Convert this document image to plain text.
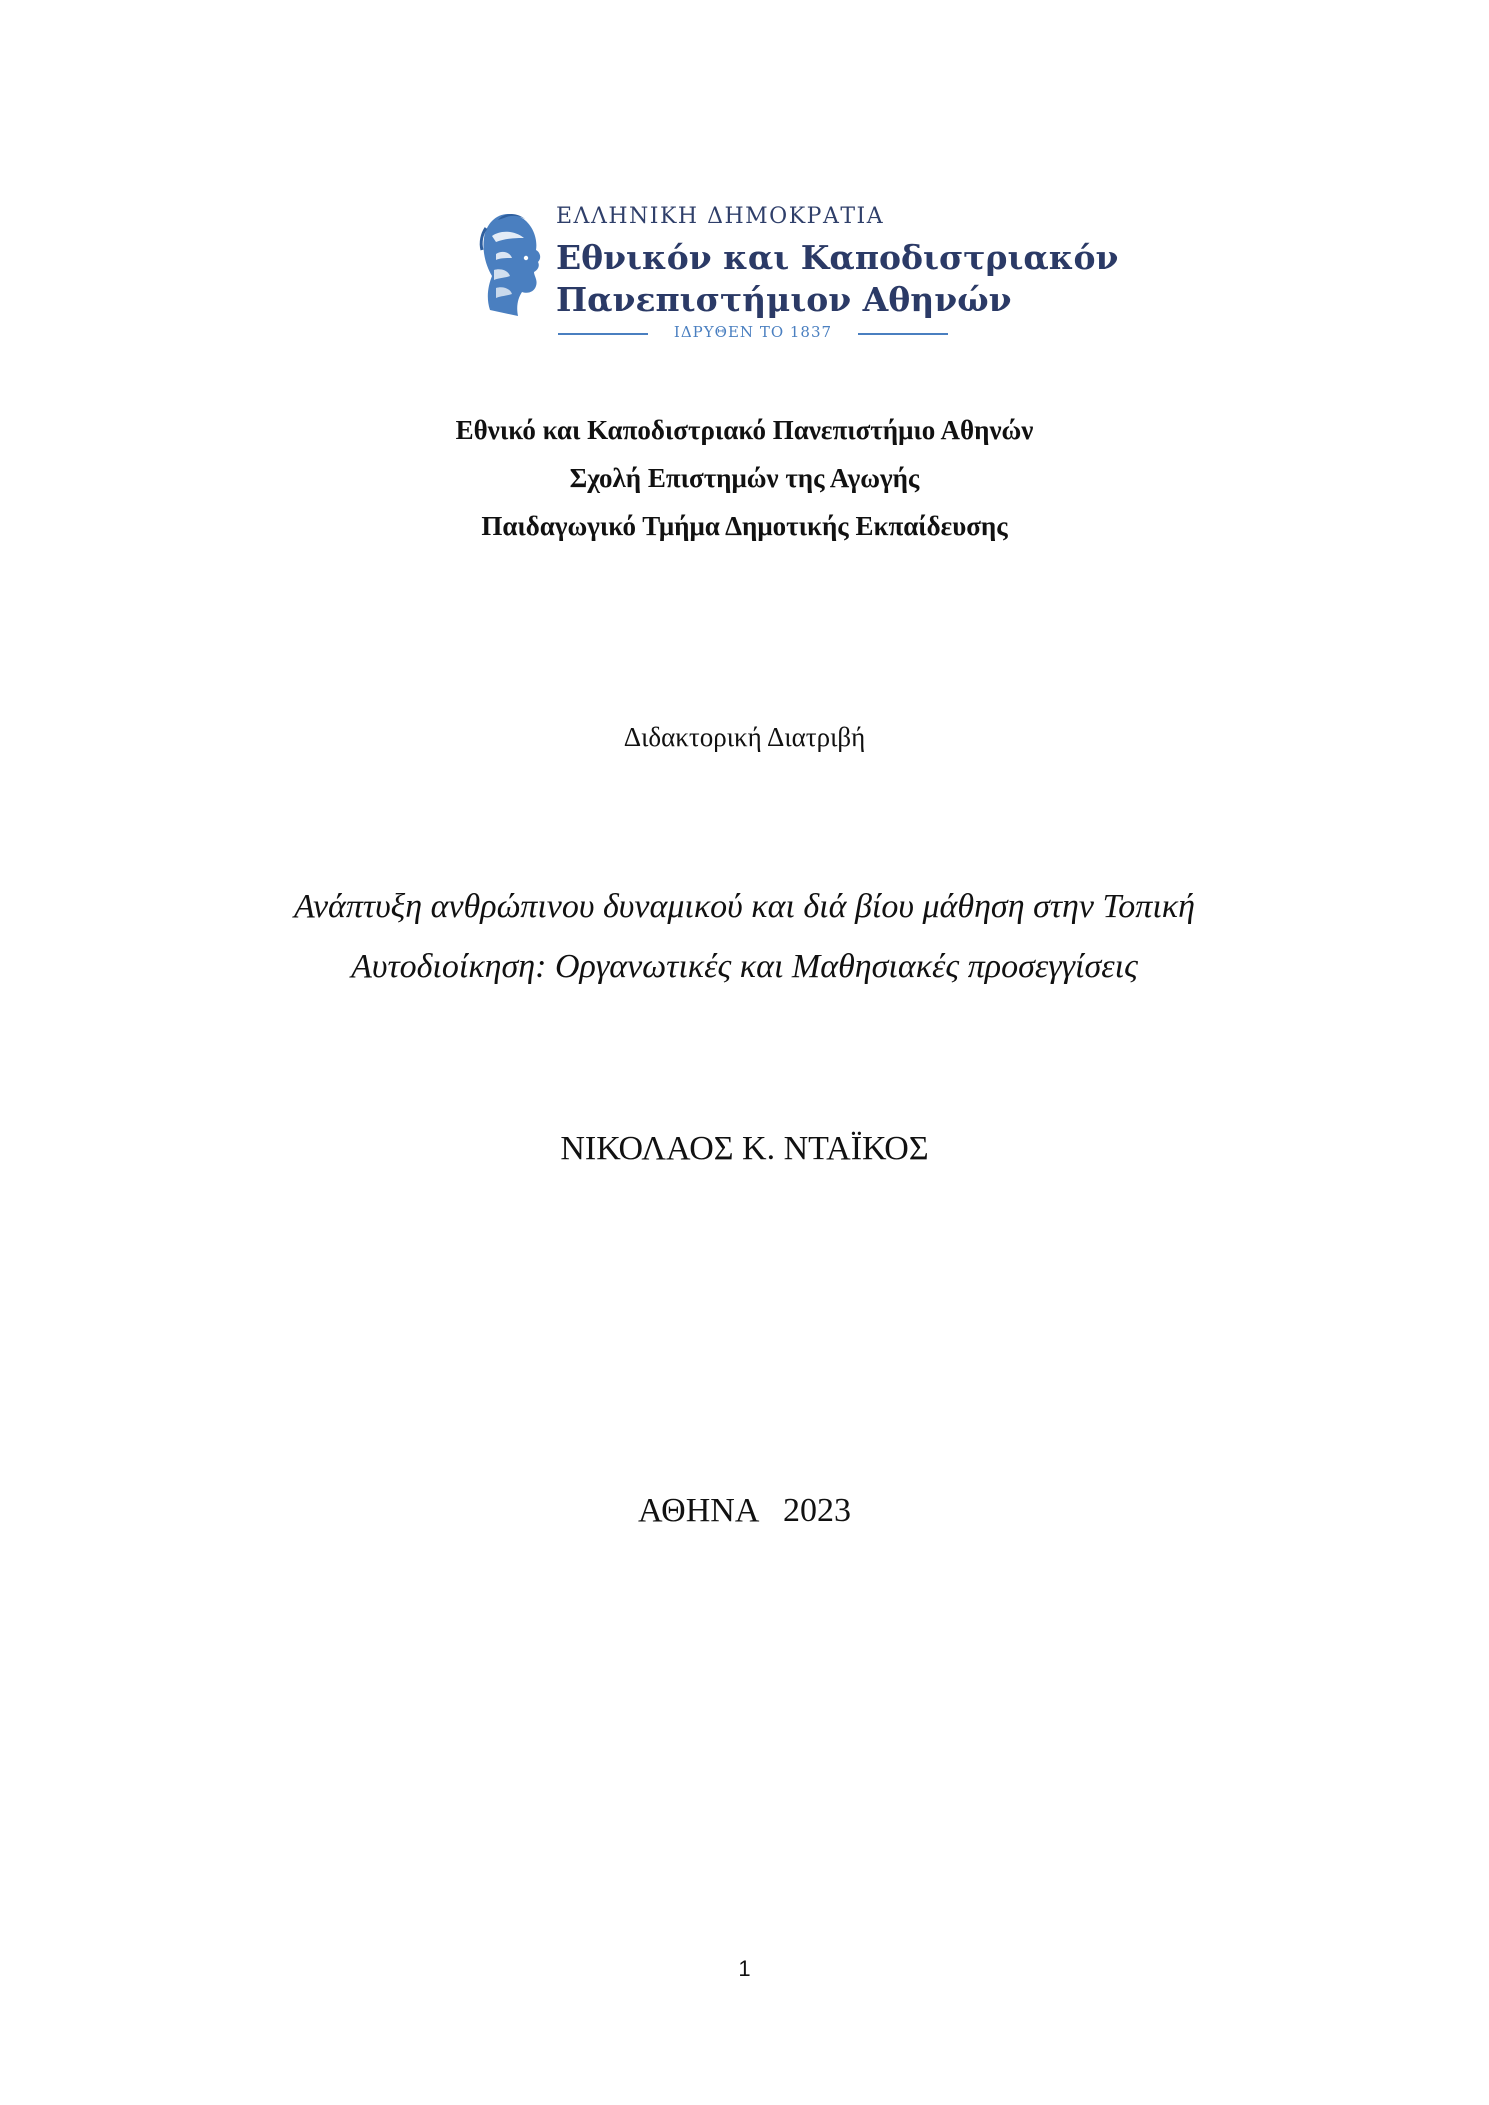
ΕΛΛΗΝΙΚΗ ΔΗΜΟΚΡΑΤΙΑ
Εθνικόν και Καποδιστριακόν
Πανεπιστήμιον Αθηνών
ΙΔΡΥΘΕΝ ΤΟ 1837
Εθνικό και Καποδιστριακό Πανεπιστήμιο Αθηνών
Σχολή Επιστημών της Αγωγής
Παιδαγωγικό Τμήμα Δημοτικής Εκπαίδευσης
Διδακτορική Διατριβή
Ανάπτυξη ανθρώπινου δυναμικού και διά βίου μάθηση στην Τοπική
Αυτοδιοίκηση: Οργανωτικές και Μαθησιακές προσεγγίσεις
ΝΙΚΟΛΑΟΣ Κ. ΝΤΑΪΚΟΣ
ΑΘΗΝΑ   2023
1
